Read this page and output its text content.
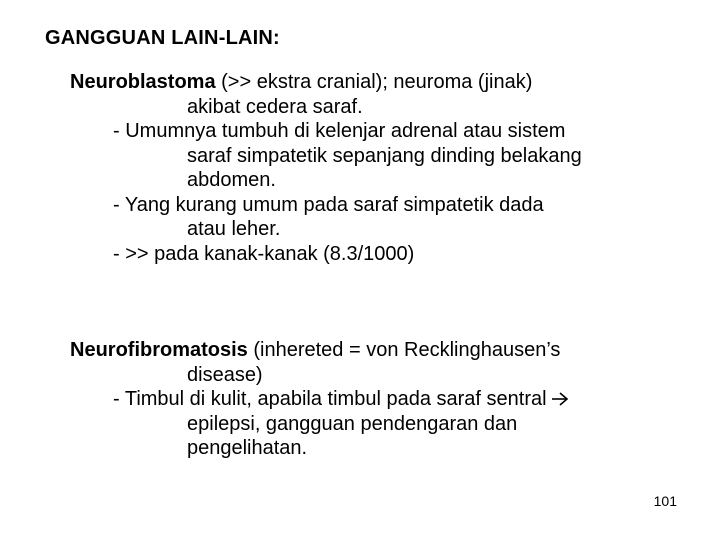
GANGGUAN LAIN-LAIN:
Neuroblastoma (>> ekstra cranial); neuroma (jinak)
akibat cedera saraf.
- Umumnya tumbuh di kelenjar adrenal atau sistem
saraf simpatetik sepanjang dinding belakang
abdomen.
- Yang kurang umum pada saraf simpatetik dada
atau leher.
- >> pada kanak-kanak (8.3/1000)
Neurofibromatosis (inhereted = von Recklinghausen’s
disease)
- Timbul di kulit, apabila timbul pada saraf sentral
epilepsi, gangguan pendengaran dan
pengelihatan.
101
